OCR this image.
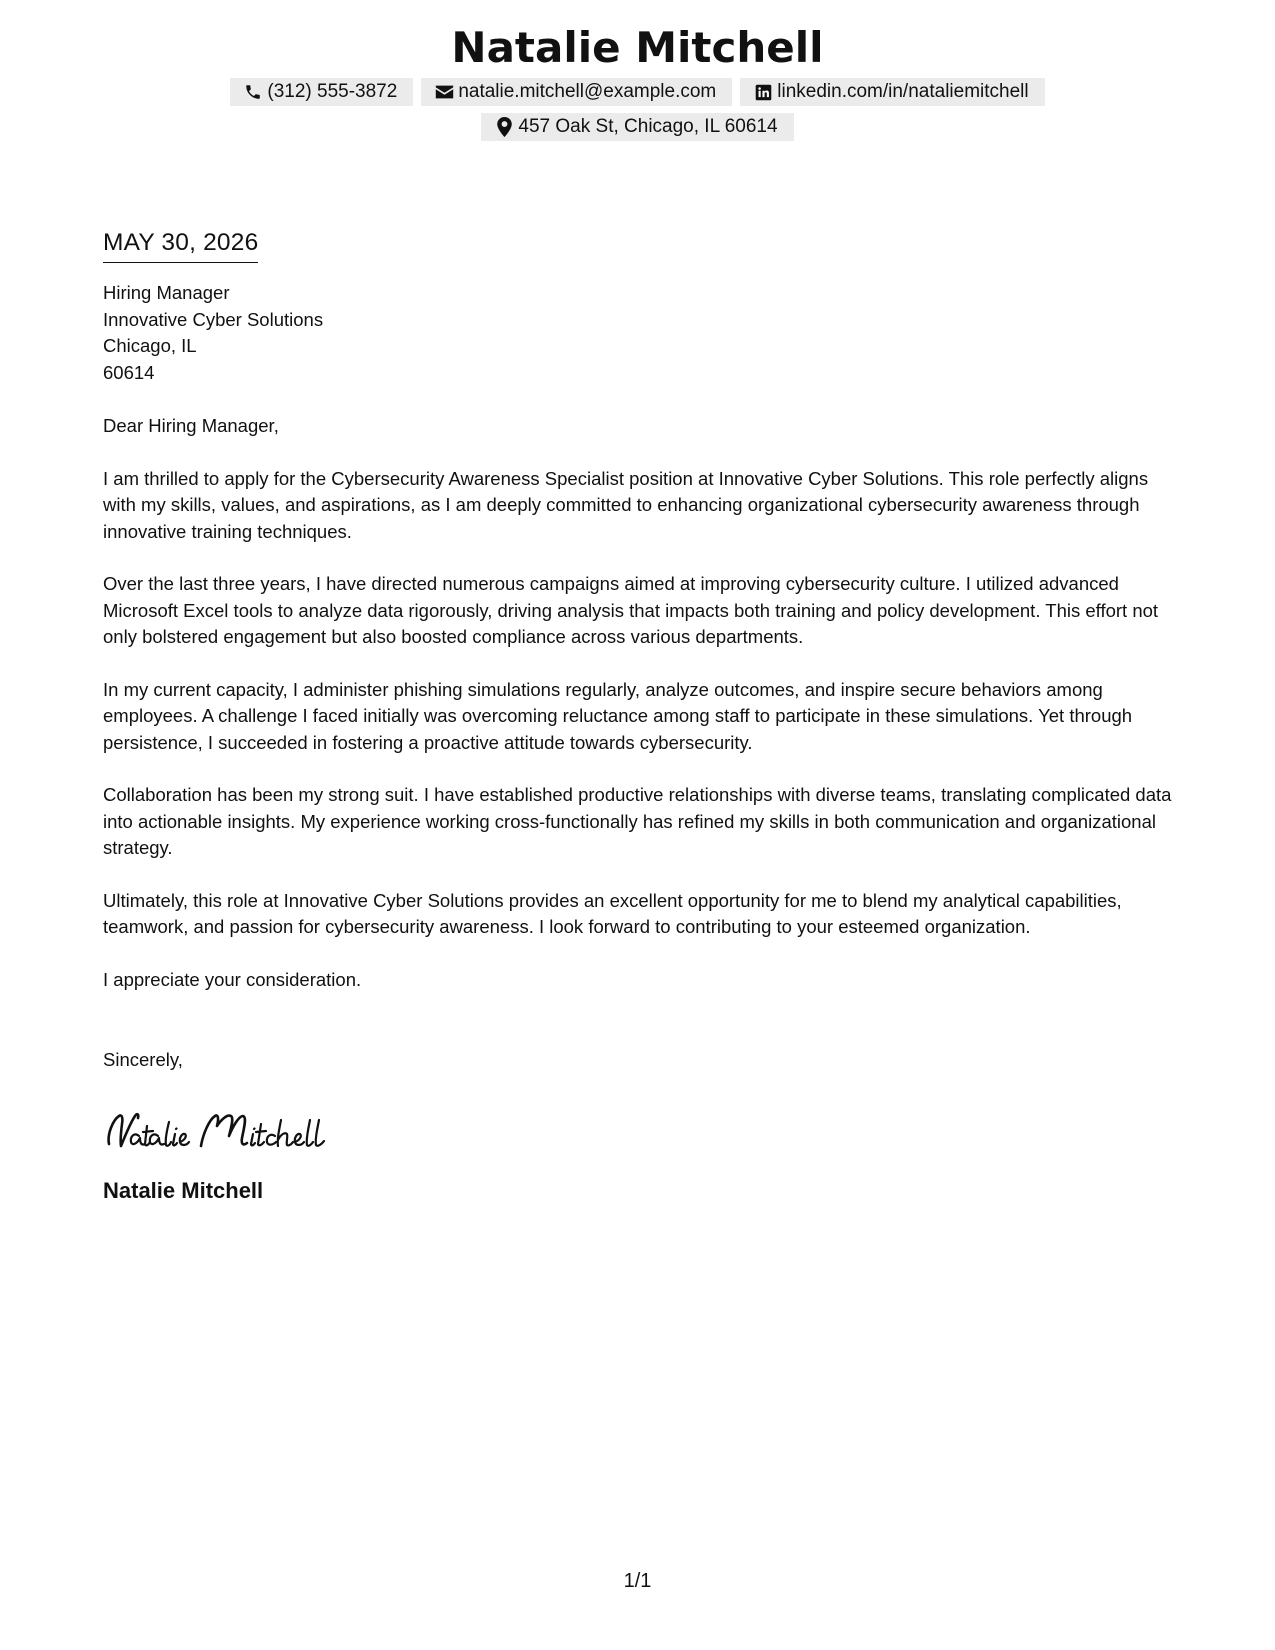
Natalie Mitchell
(312) 555-3872	natalie.mitchell@example.com	linkedin.com/in/nataliemitchell
457 Oak St, Chicago, IL 60614
MAY 30, 2026
Hiring Manager
Innovative Cyber Solutions
Chicago, IL
60614
Dear Hiring Manager,

I am thrilled to apply for the Cybersecurity Awareness Specialist position at Innovative Cyber Solutions. This role perfectly aligns with my skills, values, and aspirations, as I am deeply committed to enhancing organizational cybersecurity awareness through innovative training techniques.

Over the last three years, I have directed numerous campaigns aimed at improving cybersecurity culture. I utilized advanced Microsoft Excel tools to analyze data rigorously, driving analysis that impacts both training and policy development. This effort not only bolstered engagement but also boosted compliance across various departments.

In my current capacity, I administer phishing simulations regularly, analyze outcomes, and inspire secure behaviors among employees. A challenge I faced initially was overcoming reluctance among staff to participate in these simulations. Yet through persistence, I succeeded in fostering a proactive attitude towards cybersecurity.

Collaboration has been my strong suit. I have established productive relationships with diverse teams, translating complicated data into actionable insights. My experience working cross-functionally has refined my skills in both communication and organizational strategy.

Ultimately, this role at Innovative Cyber Solutions provides an excellent opportunity for me to blend my analytical capabilities, teamwork, and passion for cybersecurity awareness. I look forward to contributing to your esteemed organization.

I appreciate your consideration.
Sincerely,
Natalie Mitchell
1/1
